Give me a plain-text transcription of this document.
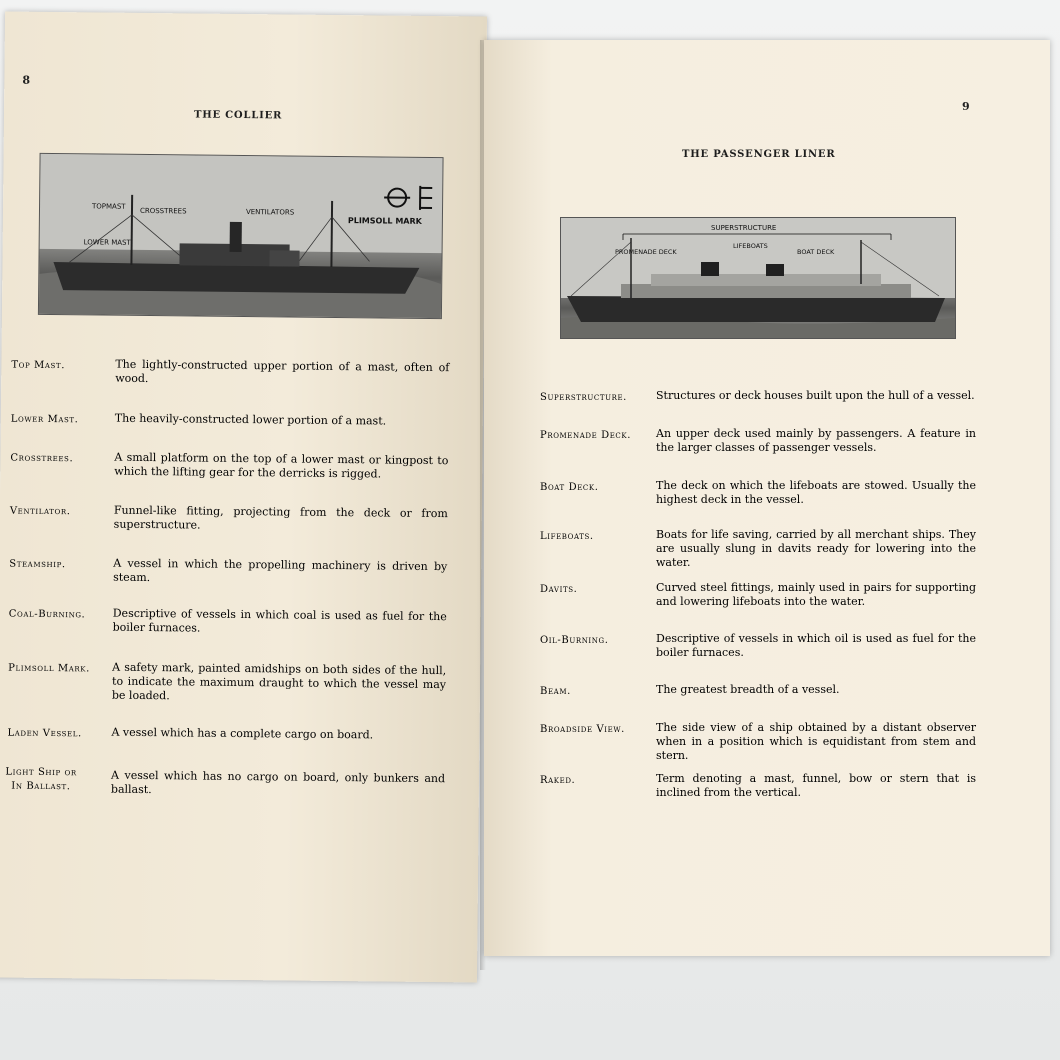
8
THE COLLIER
TOPMAST
CROSSTREES	VENTILATORS
LOWER MAST
PLIMSOLL MARK
Top Mast.	The lightly-constructed upper portion of a mast, often of wood.
Lower Mast.	The heavily-constructed lower portion of a mast.
Crosstrees.	A small platform on the top of a lower mast or kingpost to which the lifting gear for the derricks is rigged.
Ventilator.	Funnel-like fitting, projecting from the deck or from superstructure.
Steamship.	A vessel in which the propelling machinery is driven by steam.
Coal-Burning. Descriptive of vessels in which coal is used as fuel for the boiler furnaces.
Plimsoll Mark. A safety mark, painted amidships on both sides of the hull, to indicate the maximum draught to which the vessel may be loaded.
Laden Vessel.	A vessel which has a complete cargo on board.
Light Ship or
In Ballast.
A vessel which has no cargo on board, only bunkers and ballast.
9
THE PASSENGER LINER
SUPERSTRUCTURE
PROMENADE DECK
LIFEBOATS
BOAT DECK
Superstructure.	Structures or deck houses built upon the hull of a vessel.
Promenade Deck. An upper deck used mainly by passengers. A feature in the larger classes of passenger vessels.
Boat Deck.	The deck on which the lifeboats are stowed. Usually the highest deck in the vessel.
Lifeboats.	Boats for life saving, carried by all merchant ships. They are usually slung in davits ready for lowering into the water.
Davits.	Curved steel fittings, mainly used in pairs for supporting and lowering lifeboats into the water.
Oil-Burning.	Descriptive of vessels in which oil is used as fuel for the boiler furnaces.
Beam.	The greatest breadth of a vessel.
Broadside View.	The side view of a ship obtained by a distant observer when in a position which is equidistant from stem and stern.
Raked.	Term denoting a mast, funnel, bow or stern that is inclined from the vertical.
